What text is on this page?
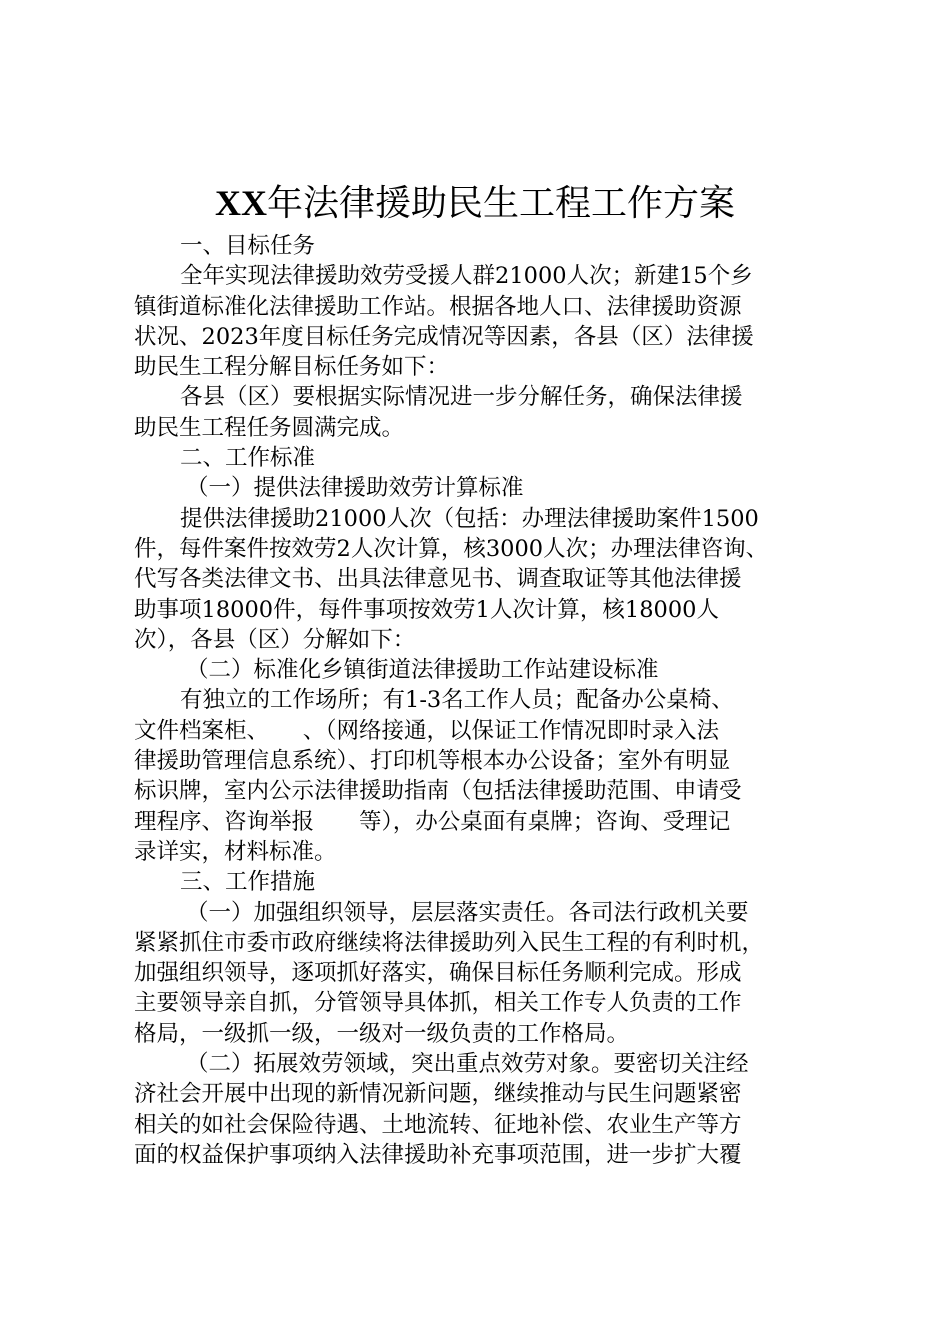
XX年法律援助民生工程工作方案
一、目标任务
全年实现法律援助效劳受援人群21000人次；新建15个乡
镇街道标准化法律援助工作站。根据各地人口、法律援助资源
状况、2023年度目标任务完成情况等因素，各县（区）法律援
助民生工程分解目标任务如下：
各县（区）要根据实际情况进一步分解任务，确保法律援
助民生工程任务圆满完成。
二、工作标准
（一）提供法律援助效劳计算标准
提供法律援助21000人次（包括：办理法律援助案件1500
件，每件案件按效劳2人次计算，核3000人次；办理法律咨询、
代写各类法律文书、出具法律意见书、调查取证等其他法律援
助事项18000件，每件事项按效劳1人次计算，核18000人
次），各县（区）分解如下：
（二）标准化乡镇街道法律援助工作站建设标准
有独立的工作场所；有1-3名工作人员；配备办公桌椅、
文件档案柜、　　、（网络接通，以保证工作情况即时录入法
律援助管理信息系统）、打印机等根本办公设备；室外有明显
标识牌，室内公示法律援助指南（包括法律援助范围、申请受
理程序、咨询举报　　等），办公桌面有桌牌；咨询、受理记
录详实，材料标准。
三、工作措施
（一）加强组织领导，层层落实责任。各司法行政机关要
紧紧抓住市委市政府继续将法律援助列入民生工程的有利时机，
加强组织领导，逐项抓好落实，确保目标任务顺利完成。形成
主要领导亲自抓，分管领导具体抓，相关工作专人负责的工作
格局，一级抓一级，一级对一级负责的工作格局。
（二）拓展效劳领域，突出重点效劳对象。要密切关注经
济社会开展中出现的新情况新问题，继续推动与民生问题紧密
相关的如社会保险待遇、土地流转、征地补偿、农业生产等方
面的权益保护事项纳入法律援助补充事项范围，进一步扩大覆
